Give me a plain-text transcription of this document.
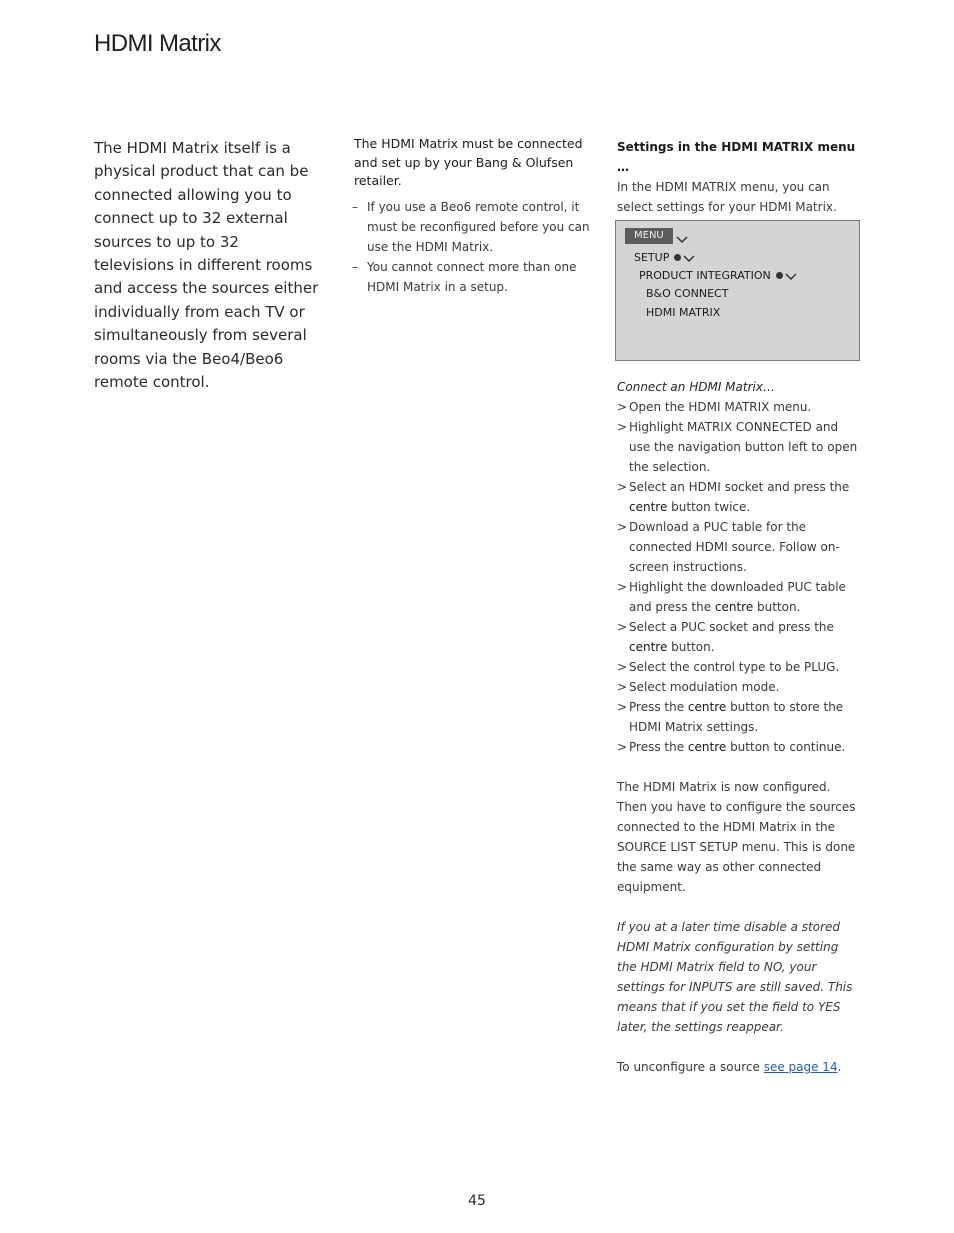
HDMI Matrix
The HDMI Matrix itself is a physical product that can be connected allowing you to connect up to 32 external sources to up to 32 televisions in different rooms and access the sources either individually from each TV or simultaneously from several rooms via the Beo4/Beo6 remote control.
The HDMI Matrix must be connected and set up by your Bang & Olufsen retailer.
– If you use a Beo6 remote control, it must be reconfigured before you can use the HDMI Matrix.
– You cannot connect more than one HDMI Matrix in a setup.
Settings in the HDMI MATRIX menu …
In the HDMI MATRIX menu, you can select settings for your HDMI Matrix.
MENU
SETUP
PRODUCT INTEGRATION
B&O CONNECT
HDMI MATRIX
Connect an HDMI Matrix…
> Open the HDMI MATRIX menu.
> Highlight MATRIX CONNECTED and use the navigation button left to open the selection.
> Select an HDMI socket and press the centre button twice.
> Download a PUC table for the connected HDMI source. Follow on-screen instructions.
> Highlight the downloaded PUC table and press the centre button.
> Select a PUC socket and press the centre button.
> Select the control type to be PLUG.
> Select modulation mode.
> Press the centre button to store the HDMI Matrix settings.
> Press the centre button to continue.
The HDMI Matrix is now configured. Then you have to configure the sources connected to the HDMI Matrix in the SOURCE LIST SETUP menu. This is done the same way as other connected equipment.
If you at a later time disable a stored HDMI Matrix configuration by setting the HDMI Matrix field to NO, your settings for INPUTS are still saved. This means that if you set the field to YES later, the settings reappear.
To unconfigure a source see page 14.
45
